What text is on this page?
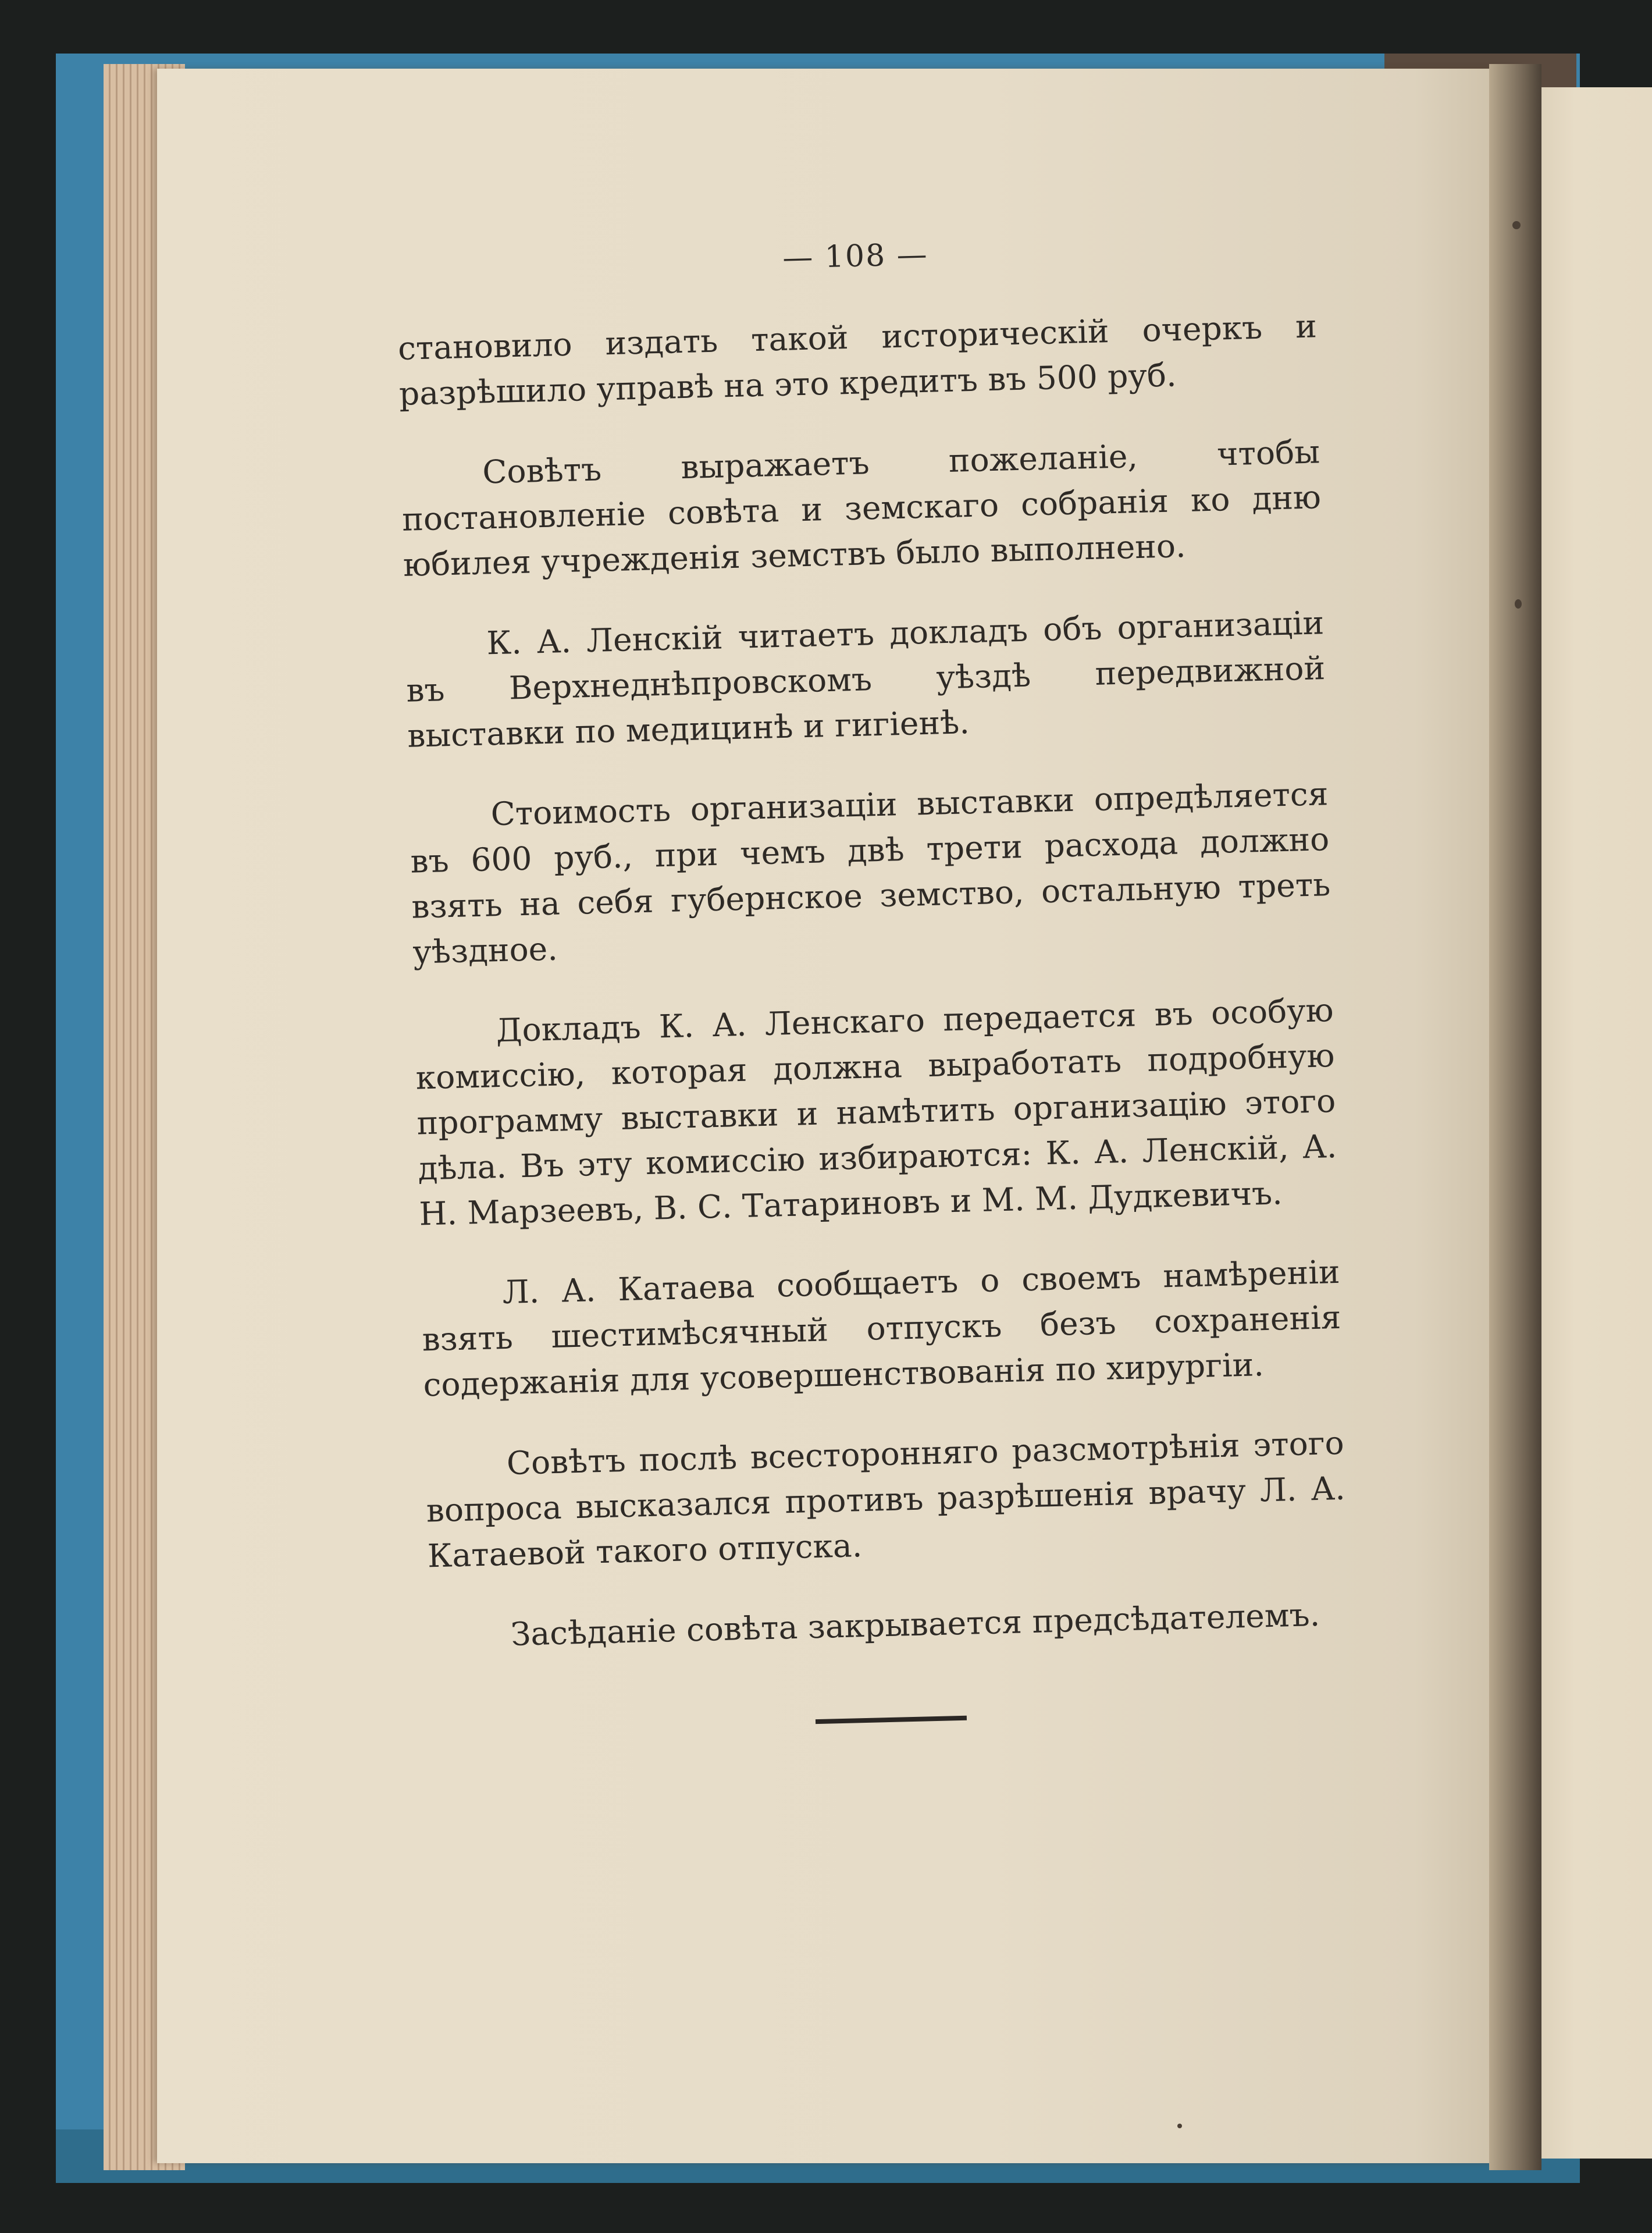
— 108 —

становило издать такой историческій очеркъ и разрѣшило управѣ на это кредитъ въ 500 руб.

Совѣтъ выражаетъ пожеланіе, чтобы постановленіе совѣта и земскаго собранія ко дню юбилея учрежденія земствъ было выполнено.

К. А. Ленскій читаетъ докладъ объ организаціи въ Верхнеднѣпровскомъ уѣздѣ передвижной выставки по медицинѣ и гигіенѣ.

Стоимость организаціи выставки опредѣляется въ 600 руб., при чемъ двѣ трети расхода должно взять на себя губернское земство, остальную треть уѣздное.

Докладъ К. А. Ленскаго передается въ особую комиссію, которая должна выработать подробную программу выставки и намѣтить организацію этого дѣла. Въ эту комиссію избираются: К. А. Ленскій, А. Н. Марзеевъ, В. С. Татариновъ и М. М. Дудкевичъ.

Л. А. Катаева сообщаетъ о своемъ намѣреніи взять шестимѣсячный отпускъ безъ сохраненія содержанія для усовершенствованія по хирургіи.

Совѣтъ послѣ всесторонняго разсмотрѣнія этого вопроса высказался противъ разрѣшенія врачу Л. А. Катаевой такого отпуска.

Засѣданіе совѣта закрывается предсѣдателемъ.
